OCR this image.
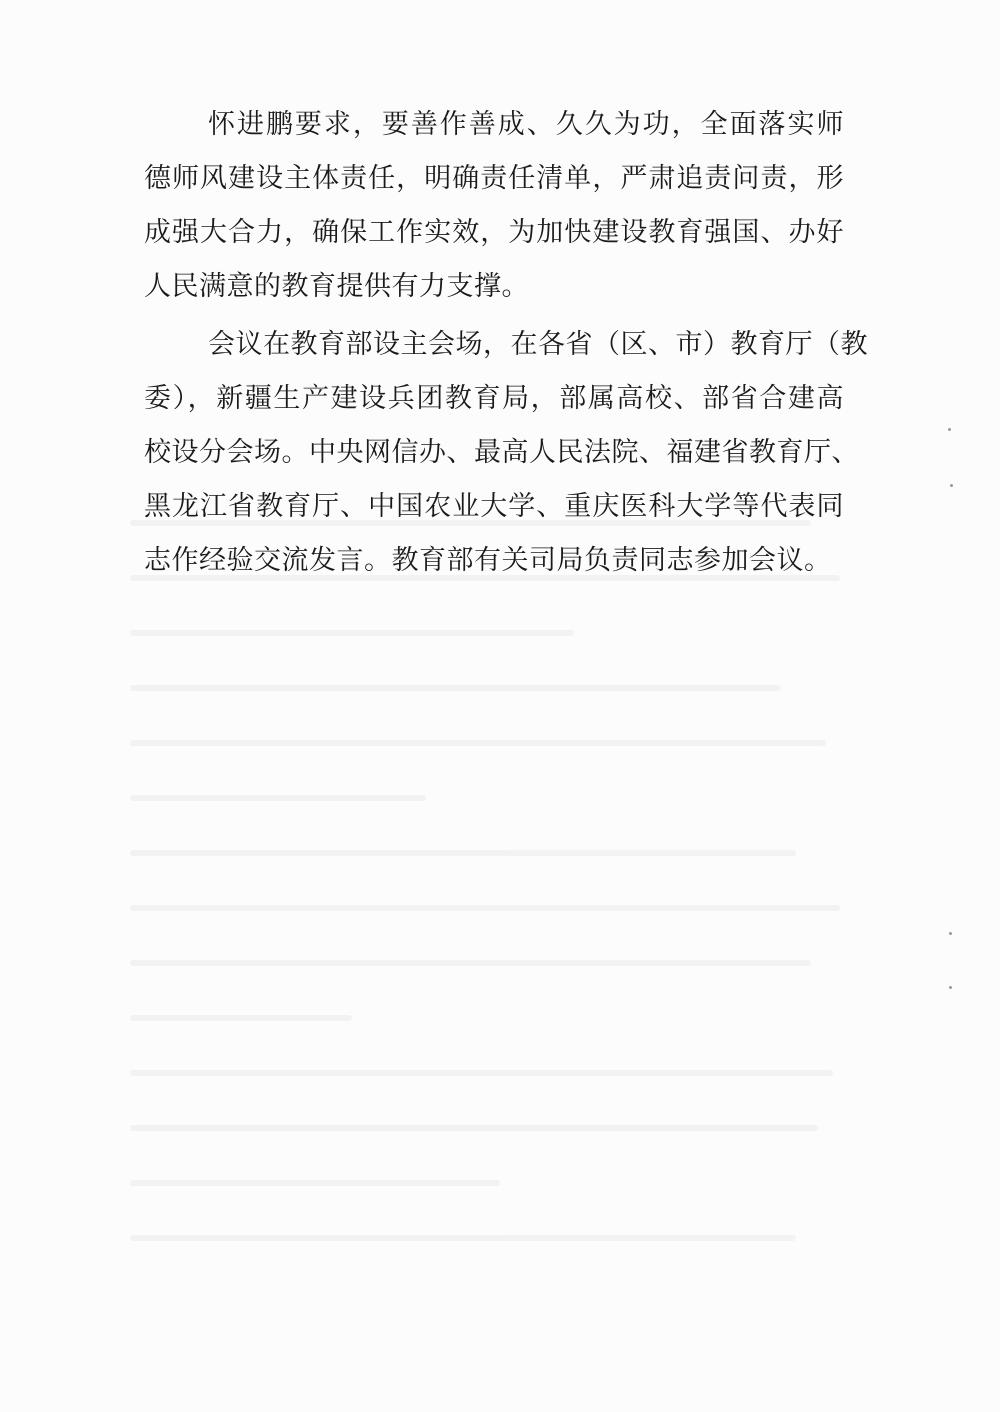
怀进鹏要求，要善作善成、久久为功，全面落实师
德师风建设主体责任，明确责任清单，严肃追责问责，形
成强大合力，确保工作实效，为加快建设教育强国、办好
人民满意的教育提供有力支撑。
会议在教育部设主会场，在各省（区、市）教育厅（教
委），新疆生产建设兵团教育局，部属高校、部省合建高
校设分会场。中央网信办、最高人民法院、福建省教育厅、
黑龙江省教育厅、中国农业大学、重庆医科大学等代表同
志作经验交流发言。教育部有关司局负责同志参加会议。
